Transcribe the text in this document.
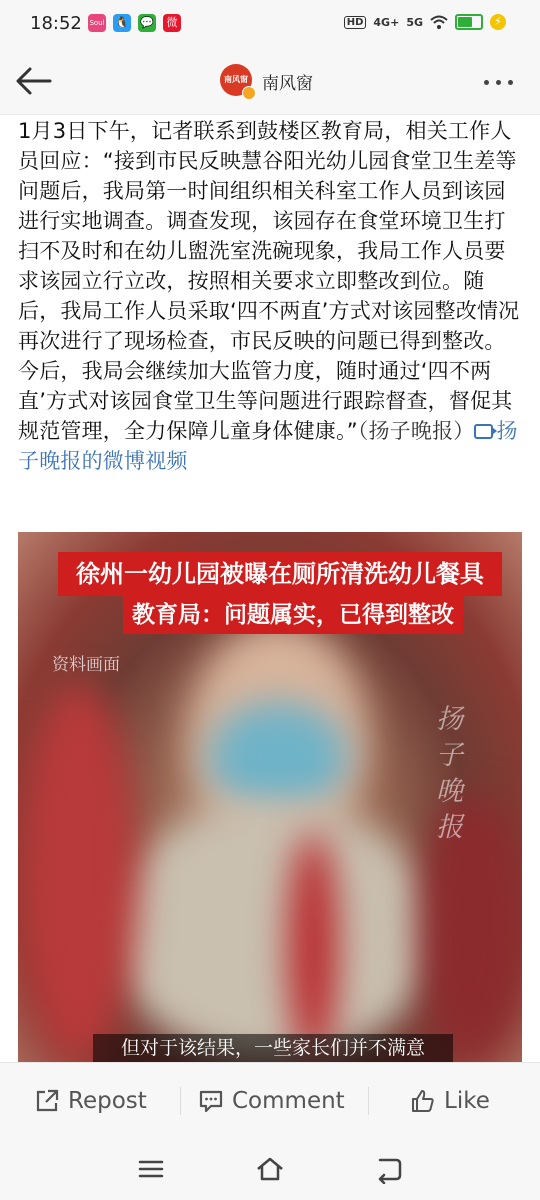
18:52 Soul 🐧 💬	微	HD 4G+ 5G	⚡
南风窗 南风窗
1月3日下午，记者联系到鼓楼区教育局，相关工作人员回应：“接到市民反映慧谷阳光幼儿园食堂卫生差等问题后，我局第一时间组织相关科室工作人员到该园进行实地调查。调查发现，该园存在食堂环境卫生打扫不及时和在幼儿盥洗室洗碗现象，我局工作人员要求该园立行立改，按照相关要求立即整改到位。随后，我局工作人员采取‘四不两直’方式对该园整改情况再次进行了现场检查，市民反映的问题已得到整改。今后，我局会继续加大监管力度，随时通过‘四不两直’方式对该园食堂卫生等问题进行跟踪督查，督促其规范管理，全力保障儿童身体健康。”（扬子晚报） 扬子晚报的微博视频
徐州一幼儿园被曝在厕所清洗幼儿餐具
教育局：问题属实，已得到整改
资料画面
扬子晚报
但对于该结果，一些家长们并不满意
Repost	Comment	Like
